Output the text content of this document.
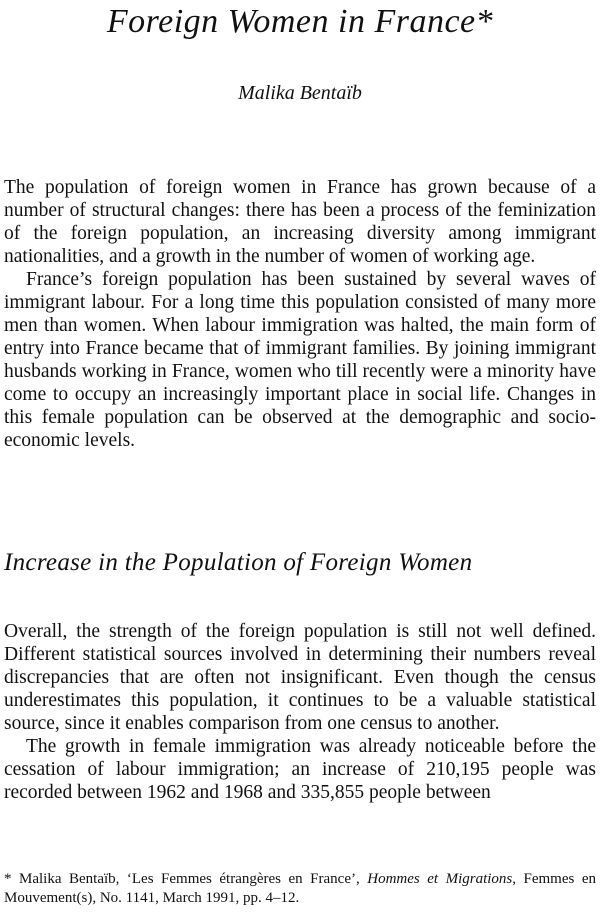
Foreign Women in France*
Malika Bentaïb

The population of foreign women in France has grown because of a number of structural changes: there has been a process of the feminization of the foreign population, an increasing diversity among immigrant nationalities, and a growth in the number of women of working age.

France’s foreign population has been sustained by several waves of immigrant labour. For a long time this population consisted of many more men than women. When labour immigration was halted, the main form of entry into France became that of immigrant families. By joining immigrant husbands working in France, women who till recently were a minority have come to occupy an increasingly important place in social life. Changes in this female population can be observed at the demographic and socio-economic levels.

Increase in the Population of Foreign Women

Overall, the strength of the foreign population is still not well defined. Different statistical sources involved in determining their numbers reveal discrepancies that are often not insignificant. Even though the census underestimates this population, it continues to be a valuable statistical source, since it enables comparison from one census to another.

The growth in female immigration was already noticeable before the cessation of labour immigration; an increase of 210,195 people was recorded between 1962 and 1968 and 335,855 people between

* Malika Bentaïb, ‘Les Femmes étrangères en France’, Hommes et Migrations, Femmes en Mouvement(s), No. 1141, March 1991, pp. 4–12.
